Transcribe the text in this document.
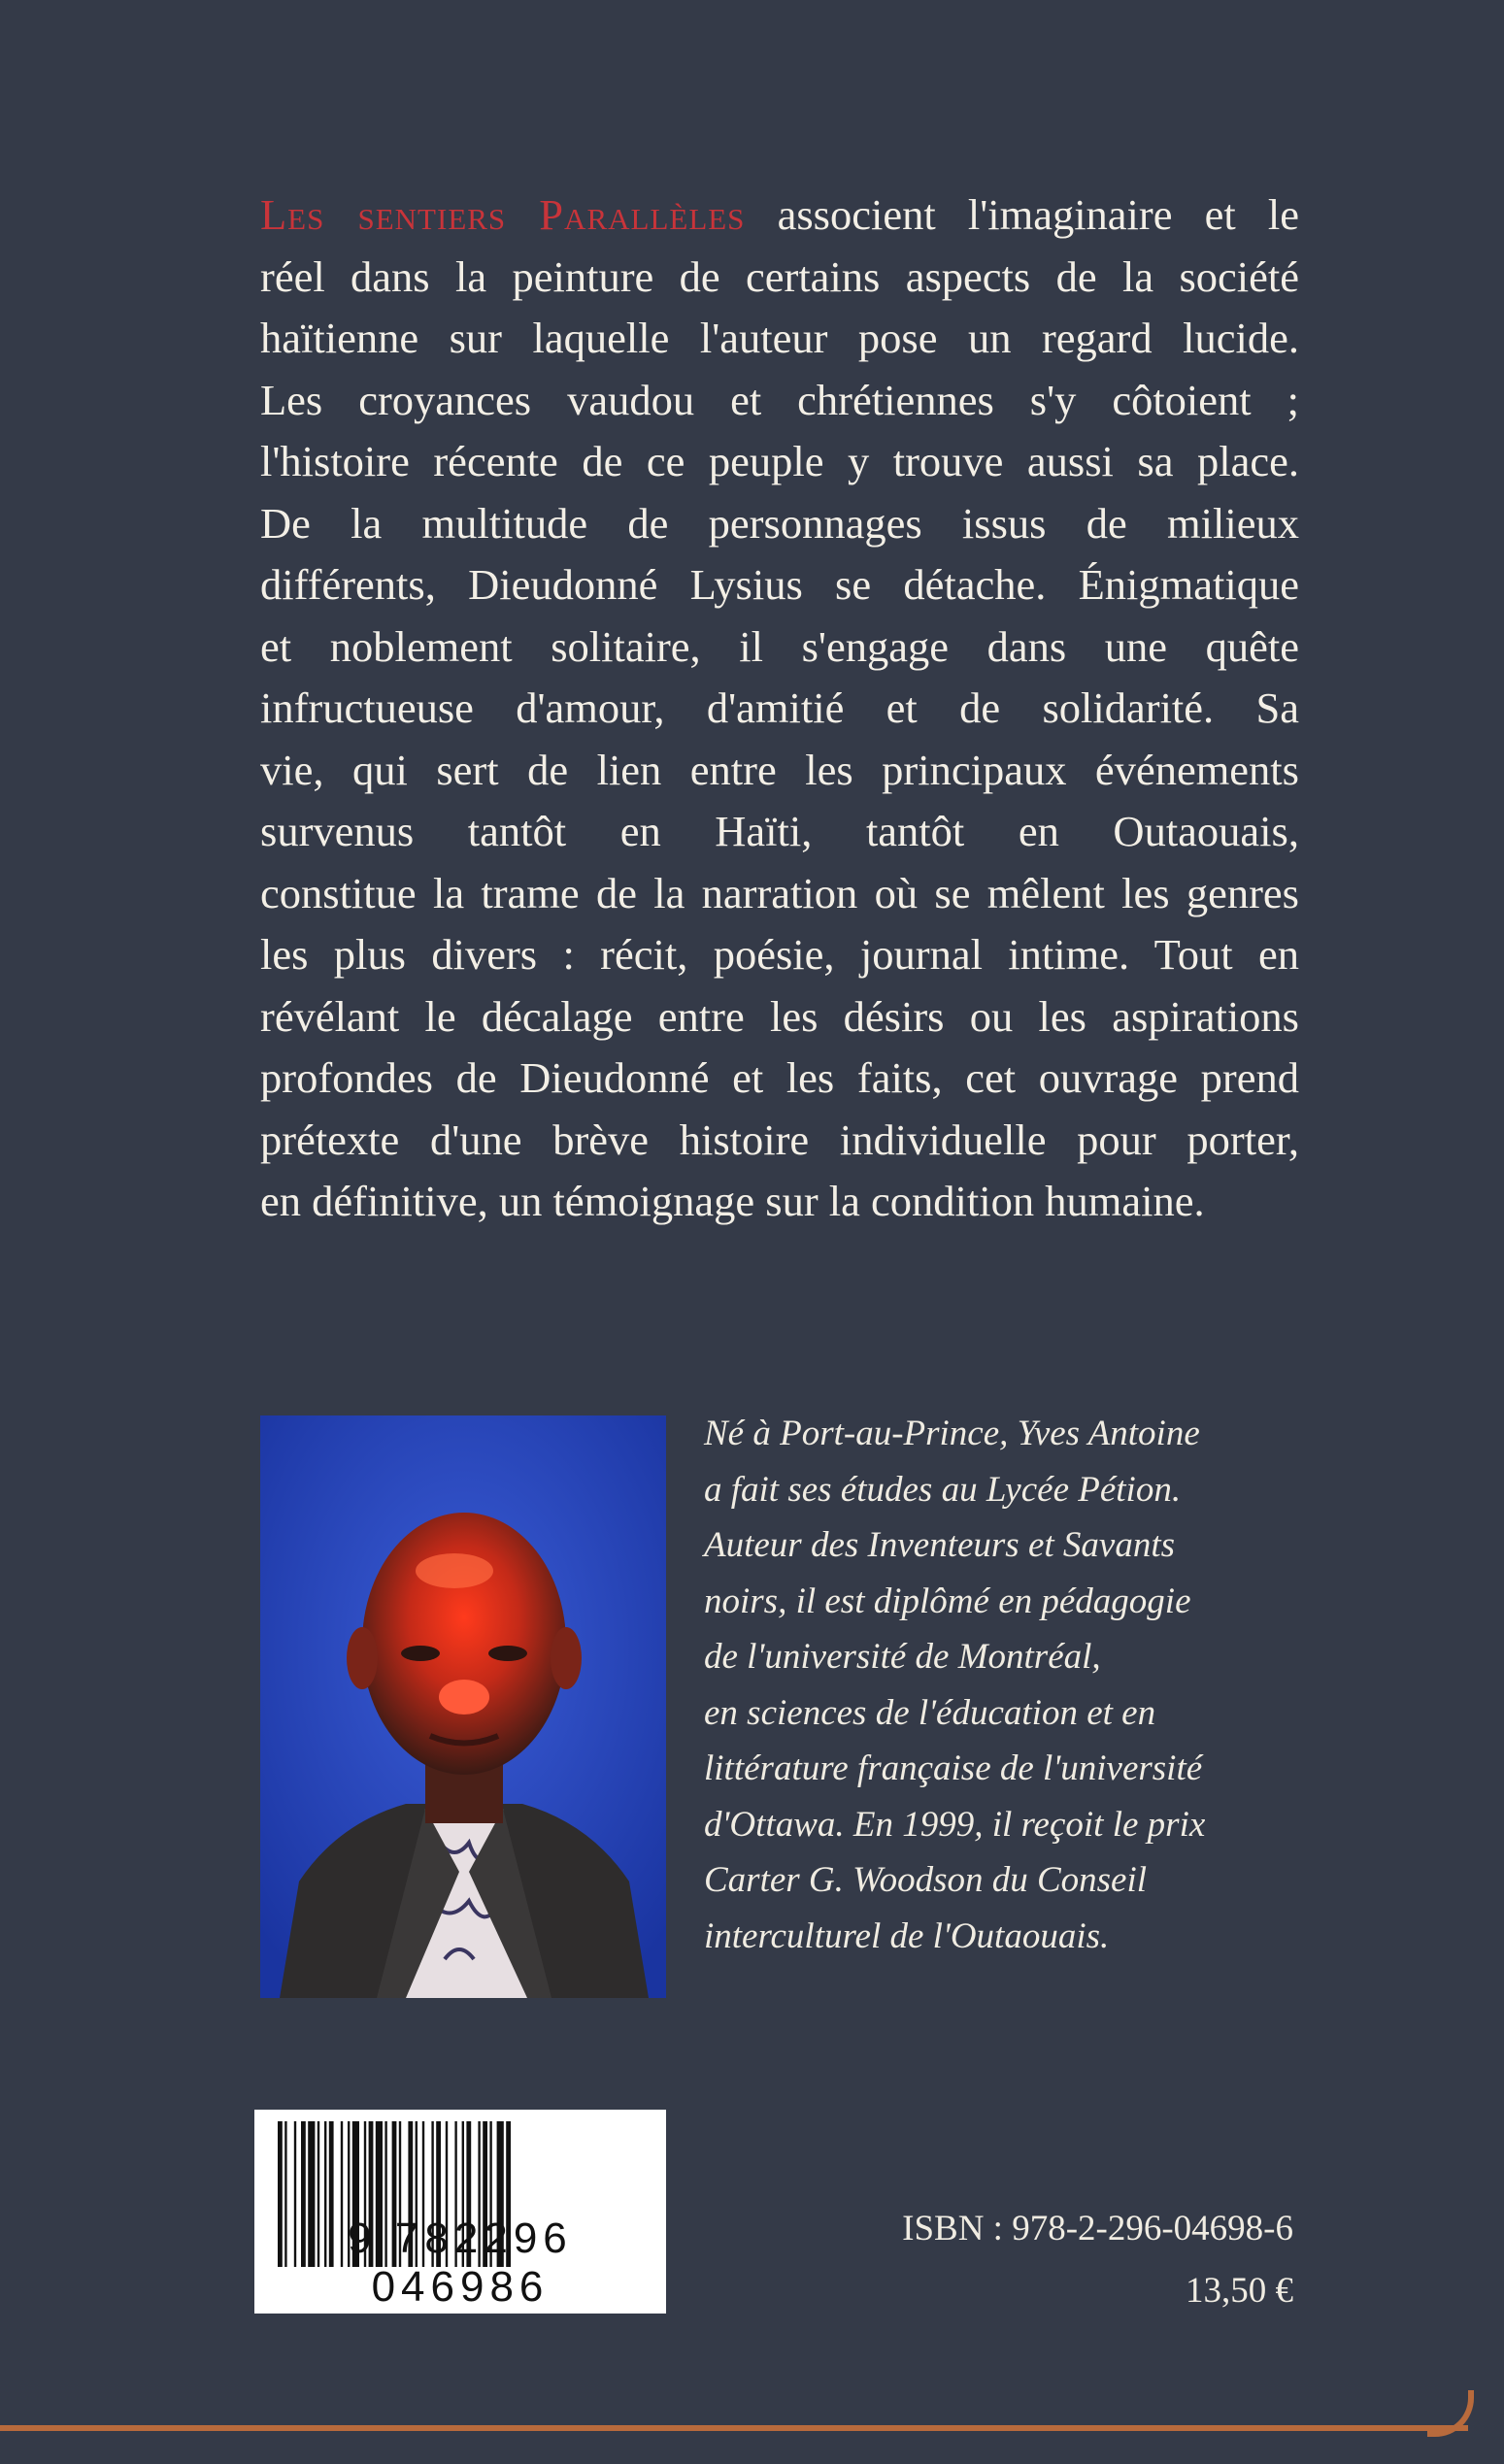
Les sentiers Parallèles associent l'imaginaire et le
réel dans la peinture de certains aspects de la société
haïtienne sur laquelle l'auteur pose un regard lucide.
Les croyances vaudou et chrétiennes s'y côtoient ;
l'histoire récente de ce peuple y trouve aussi sa place.
De la multitude de personnages issus de milieux
différents, Dieudonné Lysius se détache. Énigmatique
et noblement solitaire, il s'engage dans une quête
infructueuse d'amour, d'amitié et de solidarité. Sa
vie, qui sert de lien entre les principaux événements
survenus tantôt en Haïti, tantôt en Outaouais,
constitue la trame de la narration où se mêlent les genres
les plus divers : récit, poésie, journal intime. Tout en
révélant le décalage entre les désirs ou les aspirations
profondes de Dieudonné et les faits, cet ouvrage prend
prétexte d'une brève histoire individuelle pour porter,
en définitive, un témoignage sur la condition humaine.
Né à Port-au-Prince, Yves Antoine
a fait ses études au Lycée Pétion.
Auteur des Inventeurs et Savants
noirs, il est diplômé en pédagogie
de l'université de Montréal,
en sciences de l'éducation et en
littérature française de l'université
d'Ottawa. En 1999, il reçoit le prix
Carter G. Woodson du Conseil
interculturel de l'Outaouais.
9 782296 046986
ISBN : 978-2-296-04698-6
13,50 €
